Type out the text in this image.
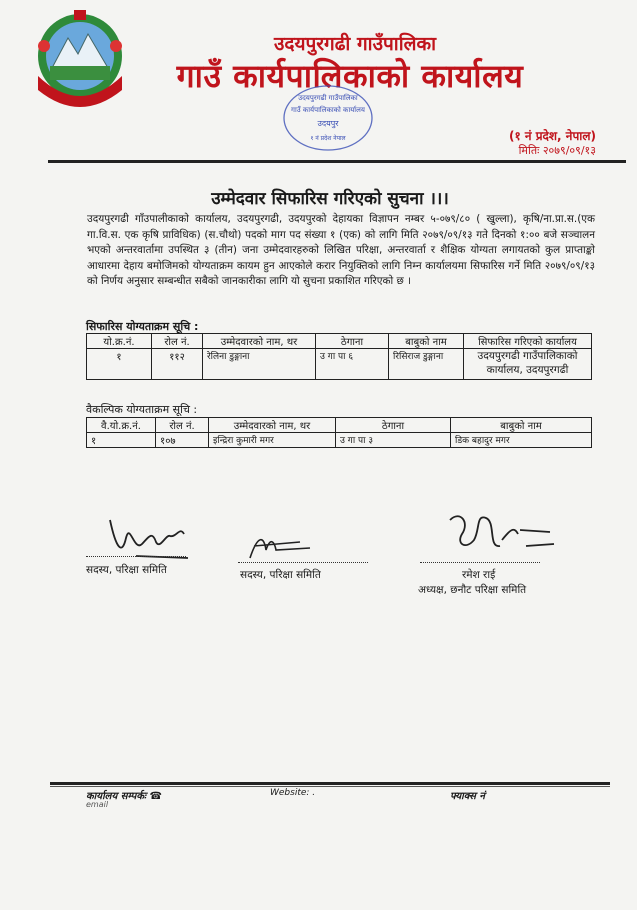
उदयपुरगढी गाउँपालिका
गाउँ कार्यपालिकाको कार्यालय
उदयपुरगढी गाउँपालिका
गाउँ कार्यपालिकाको कार्यालय
उदयपुर
१ नं प्रदेश नेपाल	(१ नं प्रदेश, नेपाल)
मितिः २०७९/०९/१३
उम्मेदवार सिफारिस गरिएको सुचना ।।।
उदयपुरगढी गाँउपालीकाको कार्यालय, उदयपुरगढी, उदयपुरको देहायका विज्ञापन नम्बर ५-०७९/८० ( खुल्ला), कृषि/ना.प्रा.स.(एक गा.वि.स. एक कृषि प्राविधिक) (स.चौथो) पदको माग पद संख्या १ (एक) को लागि मिति २०७९/०९/१३ गते दिनको १:०० बजे सञ्चालन भएको अन्तरवार्तामा उपस्थित ३ (तीन) जना उम्मेदवारहरुको लिखित परिक्षा, अन्तरवार्ता र शैक्षिक योग्यता लगायतको कुल प्राप्ताङ्को आधारमा देहाय बमोजिमको योग्यताक्रम कायम हुन आएकोले करार नियुक्तिको लागि निम्न कार्यालयमा सिफारिस गर्ने मिति २०७९/०९/१३ को निर्णय अनुसार सम्बन्धीत सबैको जानकारीका लागि यो सुचना प्रकाशित गरिएको छ ।
सिफारिस योग्यताक्रम सूचि :
यो.क्र.नं.	रोल नं.	उम्मेदवारको नाम, थर	ठेगाना	बाबुको नाम	सिफारिस गरिएको कार्यालय
१	११२	रेलिना डुङ्गाना	उ गा पा ६	रिसिराज डुङ्गाना	उदयपुरगढी गाउँपालिकाको कार्यालय, उदयपुरगढी
वैकल्पिक योग्यताक्रम सूचि :
वै.यो.क्र.नं.	रोल नं.	उम्मेदवारको नाम, थर	ठेगाना	बाबुको नाम
१	१०७	इन्द्रिरा कुमारी मगर	उ गा पा ३	डिक बहादुर मगर
सदस्य, परिक्षा समिति	सदस्य, परिक्षा समिति	रमेश राई
अध्यक्ष, छनौट परिक्षा समिति
कार्यालय सम्पर्कः ☎	Website: .	फ्याक्स नं
email
